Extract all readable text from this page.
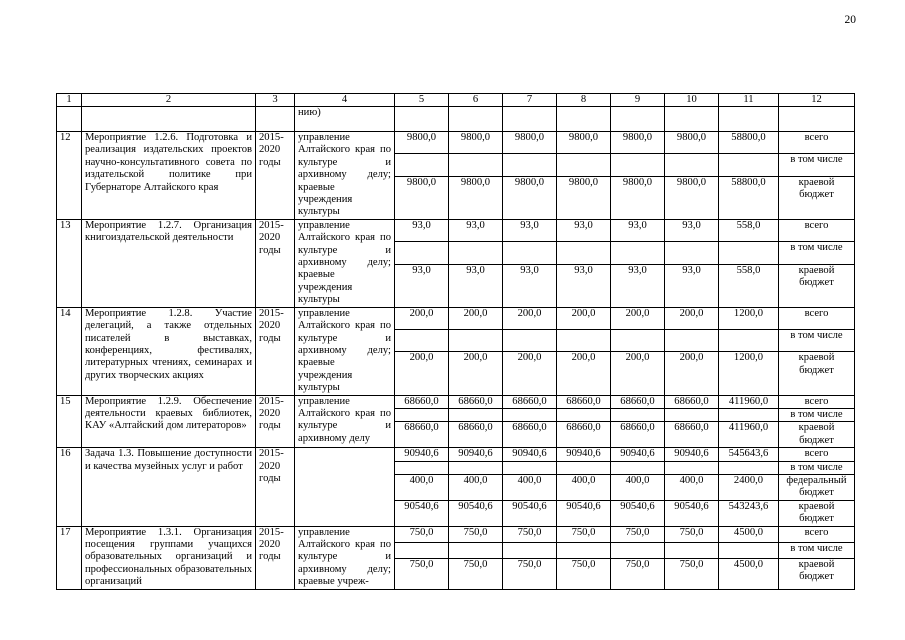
20
1	2	3	4	5	6	7	8	9	10	11	12
			нию)								
12	Мероприятие 1.2.6. Подготовка и реализация издательских проектов научно-консультативного совета по издательской политике при Губернаторе Алтайского края	2015-2020 годы	управление Алтайского края по культуре и архивному делу; краевые учреждения культуры	9800,0	9800,0	9800,0	9800,0	9800,0	9800,0	58800,0	всего
											в том числе
				9800,0	9800,0	9800,0	9800,0	9800,0	9800,0	58800,0	краевой бюджет
13	Мероприятие 1.2.7. Организация книгоиздательской деятельности	2015-2020 годы	управление Алтайского края по культуре и архивному делу; краевые учреждения культуры	93,0	93,0	93,0	93,0	93,0	93,0	558,0	всего
											в том числе
				93,0	93,0	93,0	93,0	93,0	93,0	558,0	краевой бюджет
14	Мероприятие 1.2.8. Участие делегаций, а также отдельных писателей в выставках, конференциях, фестивалях, литературных чтениях, семинарах и других творческих акциях	2015-2020 годы	управление Алтайского края по культуре и архивному делу; краевые учреждения культуры	200,0	200,0	200,0	200,0	200,0	200,0	1200,0	всего
											в том числе
				200,0	200,0	200,0	200,0	200,0	200,0	1200,0	краевой бюджет
15	Мероприятие 1.2.9. Обеспечение деятельности краевых библиотек, КАУ «Алтайский дом литераторов»	2015-2020 годы	управление Алтайского края по культуре и архивному делу	68660,0	68660,0	68660,0	68660,0	68660,0	68660,0	411960,0	всего
											в том числе
				68660,0	68660,0	68660,0	68660,0	68660,0	68660,0	411960,0	краевой бюджет
16	Задача 1.3. Повышение доступности и качества музейных услуг и работ	2015-2020 годы		90940,6	90940,6	90940,6	90940,6	90940,6	90940,6	545643,6	всего
											в том числе
				400,0	400,0	400,0	400,0	400,0	400,0	2400,0	федеральный бюджет
				90540,6	90540,6	90540,6	90540,6	90540,6	90540,6	543243,6	краевой бюджет
17	Мероприятие 1.3.1. Организация посещения группами учащихся образовательных организаций и профессиональных образовательных организаций	2015-2020 годы	управление Алтайского края по культуре и архивному делу; краевые учреж-	750,0	750,0	750,0	750,0	750,0	750,0	4500,0	всего
											в том числе
				750,0	750,0	750,0	750,0	750,0	750,0	4500,0	краевой бюджет
